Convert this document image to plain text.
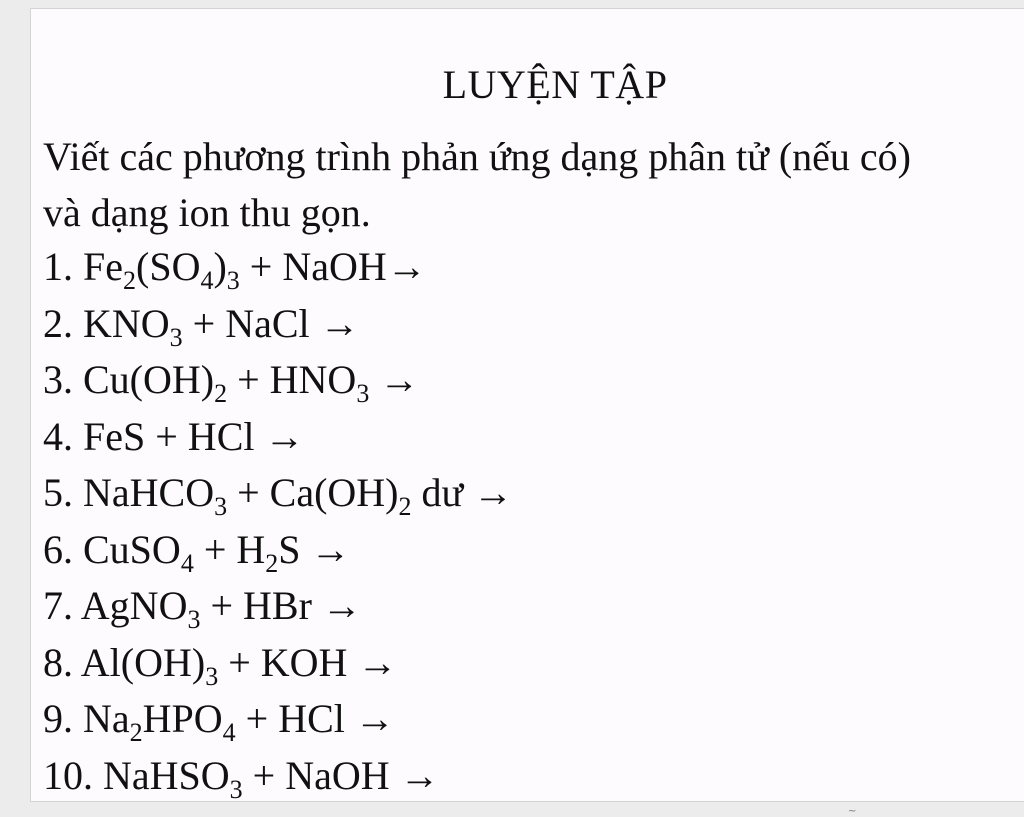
LUYỆN TẬP

Viết các phương trình phản ứng dạng phân tử (nếu có)
và dạng ion thu gọn.

1. $Fe_2(SO_4)_3$ + NaOH→
2. $KNO_3$ + NaCl →
3. $Cu(OH)_2 + HNO_3$ →
4. FeS + HCl →
5. NaHCO$_3$ + $Ca(OH)_2$ dư →
6. CuSO$_4$ + $H_2S$ →
7. AgNO$_3$ + HBr →
8. $Al(OH)_3$ + KOH →
9. $Na_2HPO_4$ + HCl →
10. NaHSO$_3$ + NaOH →
~
